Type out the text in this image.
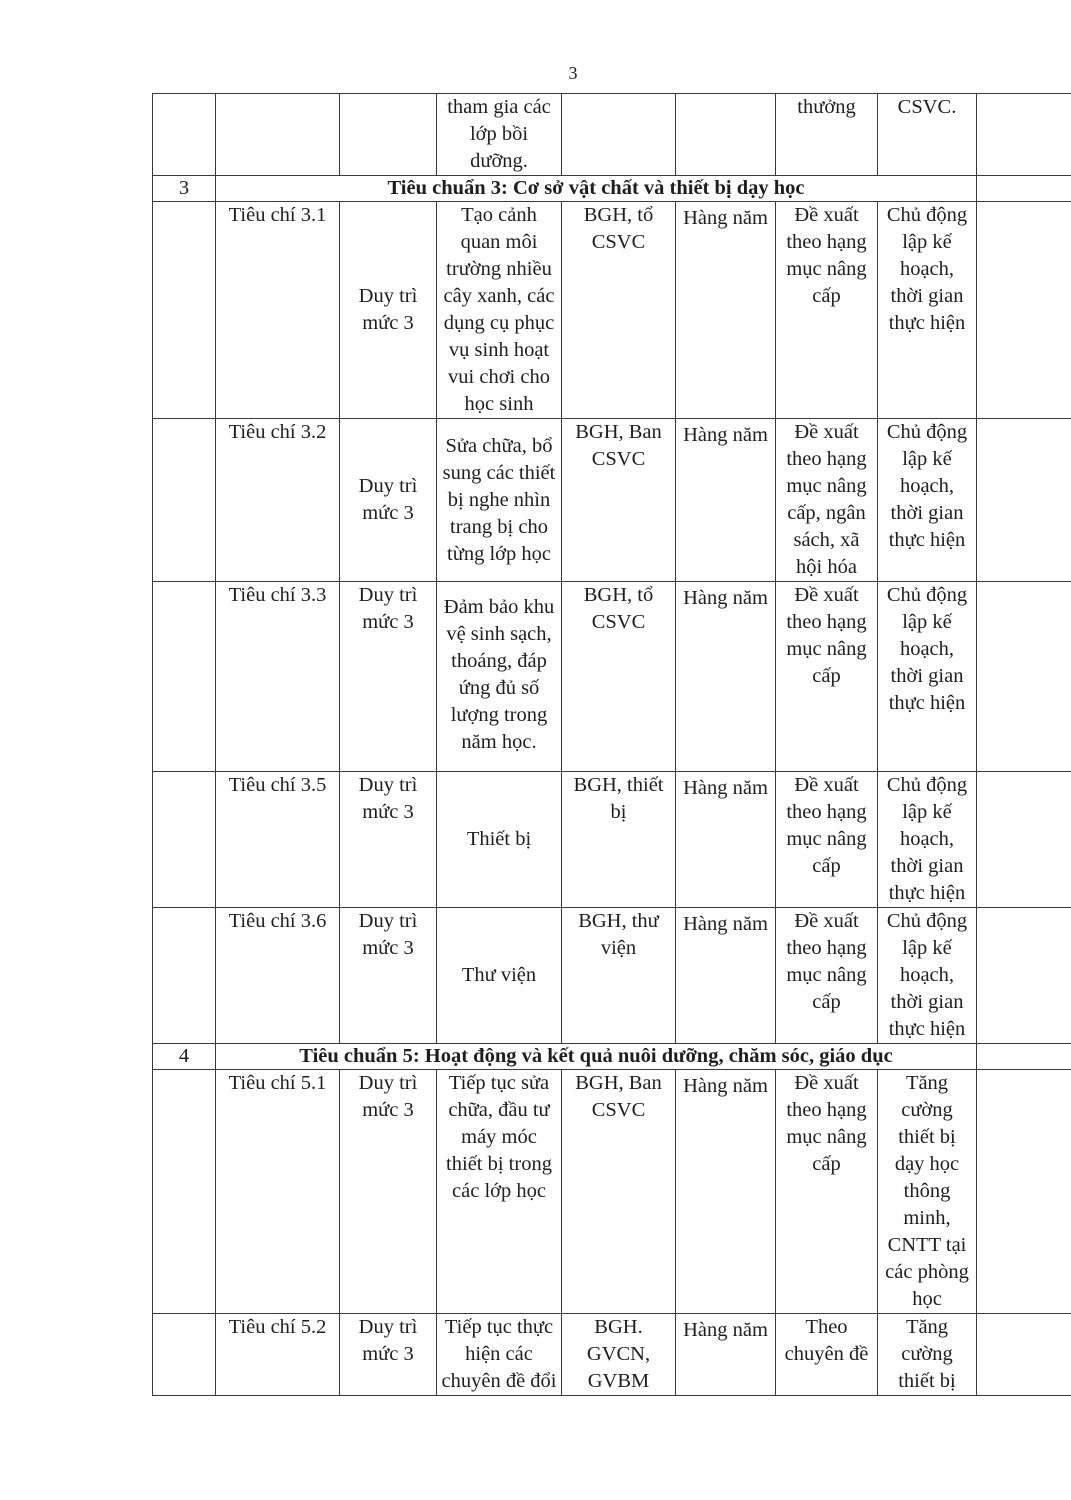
3
			tham gia các lớp bồi dưỡng.			thưởng	CSVC.	
3	Tiêu chuẩn 3: Cơ sở vật chất và thiết bị dạy học							
	Tiêu chí 3.1	Duy trì mức 3	Tạo cảnh quan môi trường nhiều cây xanh, các dụng cụ phục vụ sinh hoạt vui chơi cho học sinh	BGH, tổ CSVC	Hàng năm	Đề xuất theo hạng mục nâng cấp	Chủ động lập kế hoạch, thời gian thực hiện	
	Tiêu chí 3.2	Duy trì mức 3	Sửa chữa, bổ sung các thiết bị nghe nhìn trang bị cho từng lớp học	BGH, Ban CSVC	Hàng năm	Đề xuất theo hạng mục nâng cấp, ngân sách, xã hội hóa	Chủ động lập kế hoạch, thời gian thực hiện	
	Tiêu chí 3.3	Duy trì mức 3	Đảm bảo khu vệ sinh sạch, thoáng, đáp ứng đủ số lượng trong năm học.	BGH, tổ CSVC	Hàng năm	Đề xuất theo hạng mục nâng cấp	Chủ động lập kế hoạch, thời gian thực hiện	
	Tiêu chí 3.5	Duy trì mức 3	Thiết bị	BGH, thiết bị	Hàng năm	Đề xuất theo hạng mục nâng cấp	Chủ động lập kế hoạch, thời gian thực hiện	
	Tiêu chí 3.6	Duy trì mức 3	Thư viện	BGH, thư viện	Hàng năm	Đề xuất theo hạng mục nâng cấp	Chủ động lập kế hoạch, thời gian thực hiện	
4	Tiêu chuẩn 5: Hoạt động và kết quả nuôi dưỡng, chăm sóc, giáo dục							
	Tiêu chí 5.1	Duy trì mức 3	Tiếp tục sửa chữa, đầu tư máy móc thiết bị trong các lớp học	BGH, Ban CSVC	Hàng năm	Đề xuất theo hạng mục nâng cấp	Tăng cường thiết bị dạy học thông minh, CNTT tại các phòng học	
	Tiêu chí 5.2	Duy trì mức 3	Tiếp tục thực hiện các chuyên đề đổi	BGH. GVCN, GVBM	Hàng năm	Theo chuyên đề	Tăng cường thiết bị	
